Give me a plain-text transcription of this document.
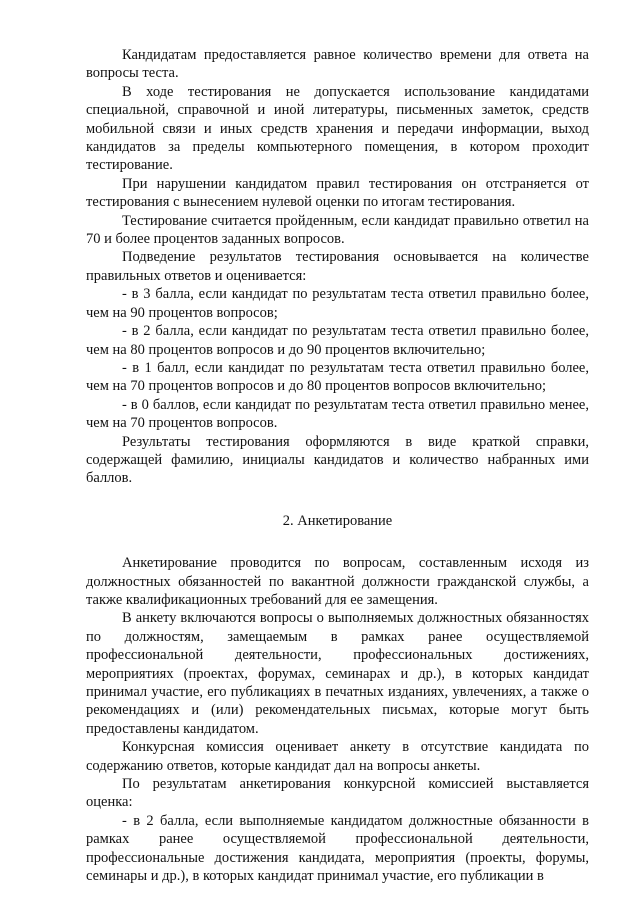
Кандидатам предоставляется равное количество времени для ответа на вопросы теста.

В ходе тестирования не допускается использование кандидатами специальной, справочной и иной литературы, письменных заметок, средств мобильной связи и иных средств хранения и передачи информации, выход кандидатов за пределы компьютерного помещения, в котором проходит тестирование.

При нарушении кандидатом правил тестирования он отстраняется от тестирования с вынесением нулевой оценки по итогам тестирования.

Тестирование считается пройденным, если кандидат правильно ответил на 70 и более процентов заданных вопросов.

Подведение результатов тестирования основывается на количестве правильных ответов и оценивается:

- в 3 балла, если кандидат по результатам теста ответил правильно более, чем на 90 процентов вопросов;

- в 2 балла, если кандидат по результатам теста ответил правильно более, чем на 80 процентов вопросов и до 90 процентов включительно;

- в 1 балл, если кандидат по результатам теста ответил правильно более, чем на 70 процентов вопросов и до 80 процентов вопросов включительно;

- в 0 баллов, если кандидат по результатам теста ответил правильно менее, чем на 70 процентов вопросов.

Результаты тестирования оформляются в виде краткой справки, содержащей фамилию, инициалы кандидатов и количество набранных ими баллов.

2. Анкетирование

Анкетирование проводится по вопросам, составленным исходя из должностных обязанностей по вакантной должности гражданской службы, а также квалификационных требований для ее замещения.

В анкету включаются вопросы о выполняемых должностных обязанностях по должностям, замещаемым в рамках ранее осуществляемой профессиональной деятельности, профессиональных достижениях, мероприятиях (проектах, форумах, семинарах и др.), в которых кандидат принимал участие, его публикациях в печатных изданиях, увлечениях, а также о рекомендациях и (или) рекомендательных письмах, которые могут быть предоставлены кандидатом.

Конкурсная комиссия оценивает анкету в отсутствие кандидата по содержанию ответов, которые кандидат дал на вопросы анкеты.

По результатам анкетирования конкурсной комиссией выставляется оценка:

- в 2 балла, если выполняемые кандидатом должностные обязанности в рамках ранее осуществляемой профессиональной деятельности, профессиональные достижения кандидата, мероприятия (проекты, форумы, семинары и др.), в которых кандидат принимал участие, его публикации в
